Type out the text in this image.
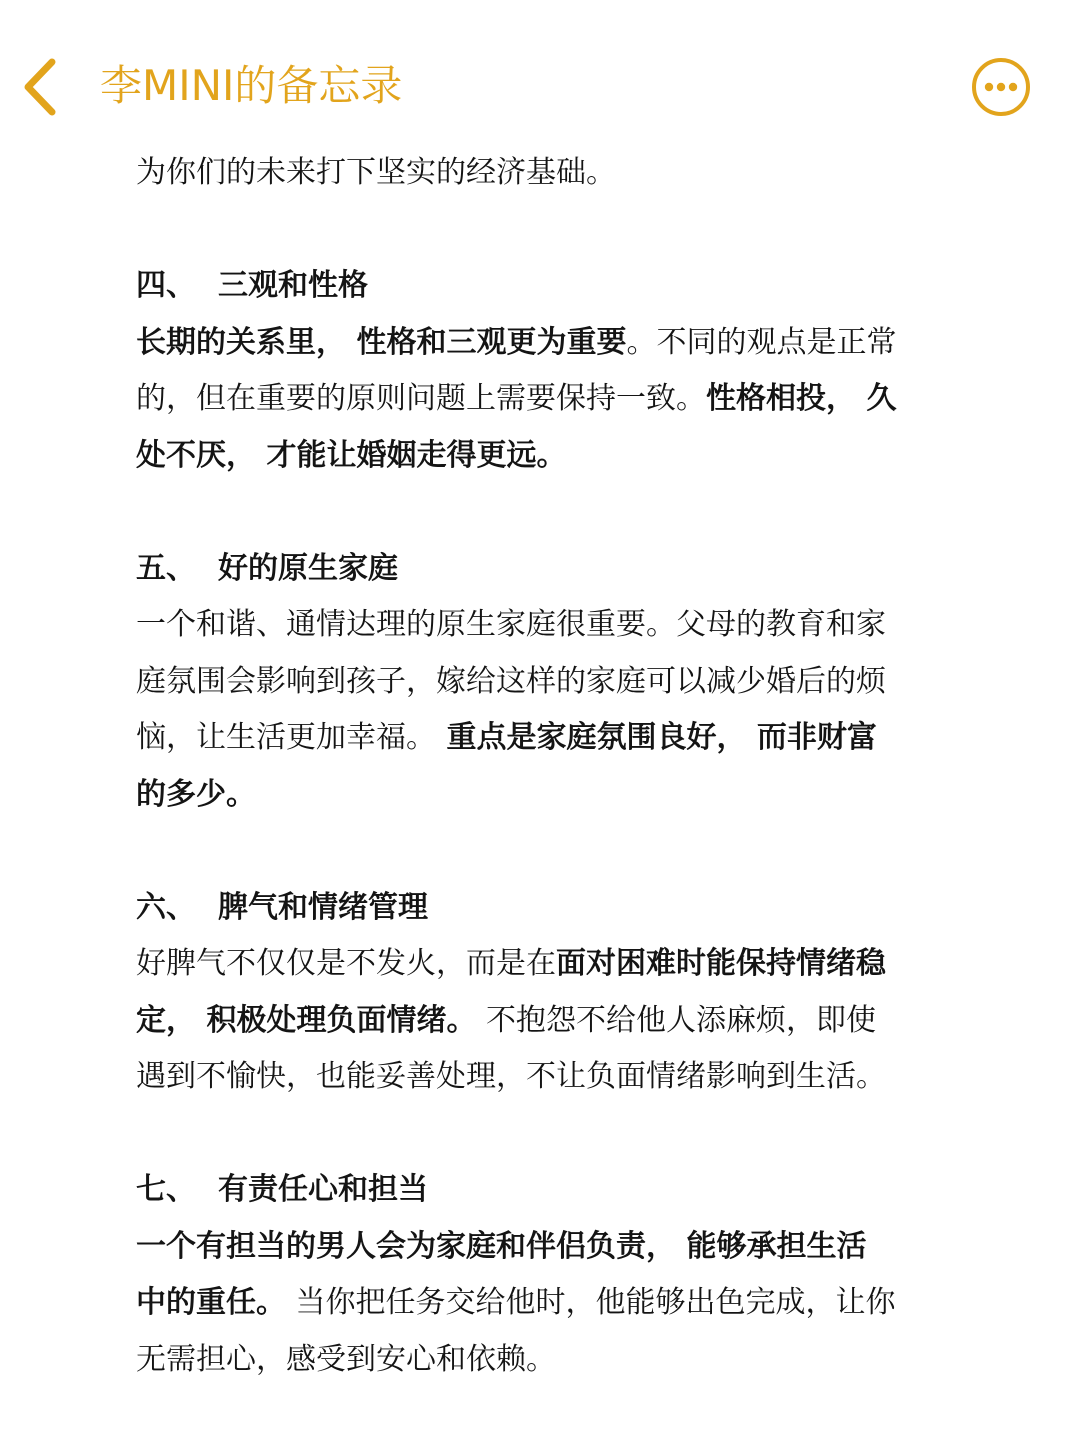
李MINI的备忘录

为你们的未来打下坚实的经济基础。

四、 三观和性格

长期的关系里， 性格和三观更为重要。不同的观点是正常

的，但在重要的原则问题上需要保持一致。性格相投， 久

处不厌， 才能让婚姻走得更远。

五、 好的原生家庭

一个和谐、通情达理的原生家庭很重要。父母的教育和家

庭氛围会影响到孩子，嫁给这样的家庭可以减少婚后的烦

恼，让生活更加幸福。 重点是家庭氛围良好， 而非财富

的多少。

六、 脾气和情绪管理

好脾气不仅仅是不发火，而是在面对困难时能保持情绪稳

定， 积极处理负面情绪。 不抱怨不给他人添麻烦，即使

遇到不愉快，也能妥善处理，不让负面情绪影响到生活。

七、 有责任心和担当

一个有担当的男人会为家庭和伴侣负责， 能够承担生活

中的重任。 当你把任务交给他时，他能够出色完成，让你

无需担心，感受到安心和依赖。
